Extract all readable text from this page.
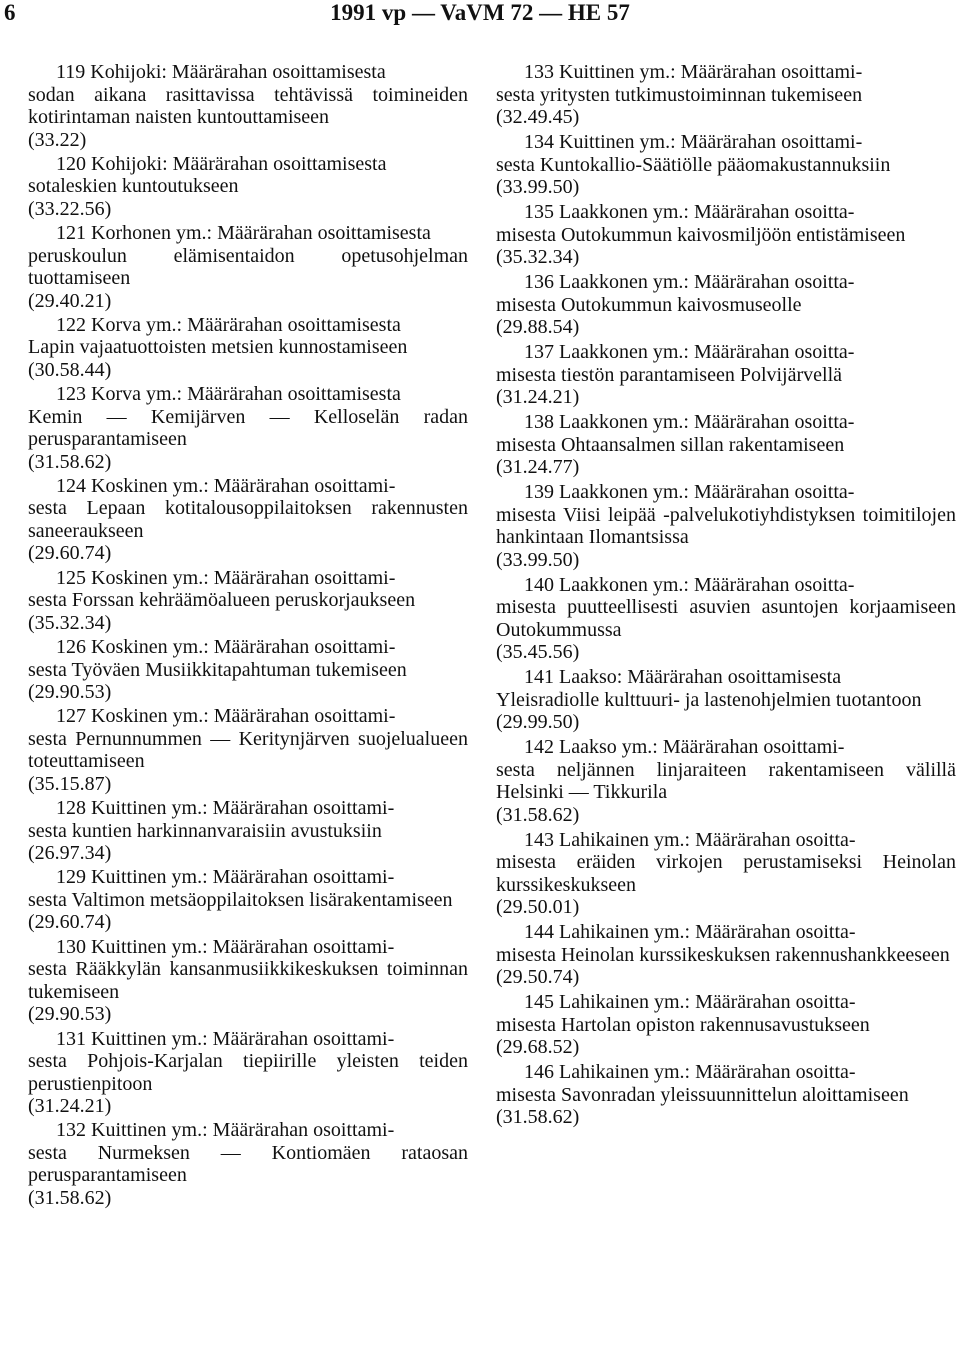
6	1991 vp — VaVM 72 — HE 57
119 Kohijoki: Määrärahan osoittamisesta
sodan aikana rasittavissa tehtävissä toimineiden kotirintaman naisten kuntouttamiseen
(33.22)
120 Kohijoki: Määrärahan osoittamisesta
sotaleskien kuntoutukseen
(33.22.56)
121 Korhonen ym.: Määrärahan osoittamisesta
peruskoulun elämisentaidon opetusohjelman tuottamiseen
(29.40.21)
122 Korva ym.: Määrärahan osoittamisesta
Lapin vajaatuottoisten metsien kunnostamiseen
(30.58.44)
123 Korva ym.: Määrärahan osoittamisesta
Kemin — Kemijärven — Kelloselän radan perusparantamiseen
(31.58.62)
124 Koskinen ym.: Määrärahan osoittami-
sesta Lepaan kotitalousoppilaitoksen rakennusten saneeraukseen
(29.60.74)
125 Koskinen ym.: Määrärahan osoittami-
sesta Forssan kehräämöalueen peruskorjaukseen
(35.32.34)
126 Koskinen ym.: Määrärahan osoittami-
sesta Työväen Musiikkitapahtuman tukemiseen
(29.90.53)
127 Koskinen ym.: Määrärahan osoittami-
sesta Pernunnummen — Keritynjärven suojelualueen toteuttamiseen
(35.15.87)
128 Kuittinen ym.: Määrärahan osoittami-
sesta kuntien harkinnanvaraisiin avustuksiin
(26.97.34)
129 Kuittinen ym.: Määrärahan osoittami-
sesta Valtimon metsäoppilaitoksen lisärakentamiseen
(29.60.74)
130 Kuittinen ym.: Määrärahan osoittami-
sesta Rääkkylän kansanmusiikkikeskuksen toiminnan tukemiseen
(29.90.53)
131 Kuittinen ym.: Määrärahan osoittami-
sesta Pohjois-Karjalan tiepiirille yleisten teiden perustienpitoon
(31.24.21)
132 Kuittinen ym.: Määrärahan osoittami-
sesta Nurmeksen — Kontiomäen rataosan perusparantamiseen
(31.58.62)
133 Kuittinen ym.: Määrärahan osoittami-
sesta yritysten tutkimustoiminnan tukemiseen
(32.49.45)
134 Kuittinen ym.: Määrärahan osoittami-
sesta Kuntokallio-Säätiölle pääomakustannuksiin
(33.99.50)
135 Laakkonen ym.: Määrärahan osoitta-
misesta Outokummun kaivosmiljöön entistämiseen
(35.32.34)
136 Laakkonen ym.: Määrärahan osoitta-
misesta Outokummun kaivosmuseolle
(29.88.54)
137 Laakkonen ym.: Määrärahan osoitta-
misesta tiestön parantamiseen Polvijärvellä
(31.24.21)
138 Laakkonen ym.: Määrärahan osoitta-
misesta Ohtaansalmen sillan rakentamiseen
(31.24.77)
139 Laakkonen ym.: Määrärahan osoitta-
misesta Viisi leipää -palvelukotiyhdistyksen toimitilojen hankintaan Ilomantsissa
(33.99.50)
140 Laakkonen ym.: Määrärahan osoitta-
misesta puutteellisesti asuvien asuntojen korjaamiseen Outokummussa
(35.45.56)
141 Laakso: Määrärahan osoittamisesta
Yleisradiolle kulttuuri- ja lastenohjelmien tuotantoon
(29.99.50)
142 Laakso ym.: Määrärahan osoittami-
sesta neljännen linjaraiteen rakentamiseen välillä Helsinki — Tikkurila
(31.58.62)
143 Lahikainen ym.: Määrärahan osoitta-
misesta eräiden virkojen perustamiseksi Heinolan kurssikeskukseen
(29.50.01)
144 Lahikainen ym.: Määrärahan osoitta-
misesta Heinolan kurssikeskuksen rakennushankkeeseen
(29.50.74)
145 Lahikainen ym.: Määrärahan osoitta-
misesta Hartolan opiston rakennusavustukseen
(29.68.52)
146 Lahikainen ym.: Määrärahan osoitta-
misesta Savonradan yleissuunnittelun aloittamiseen
(31.58.62)
